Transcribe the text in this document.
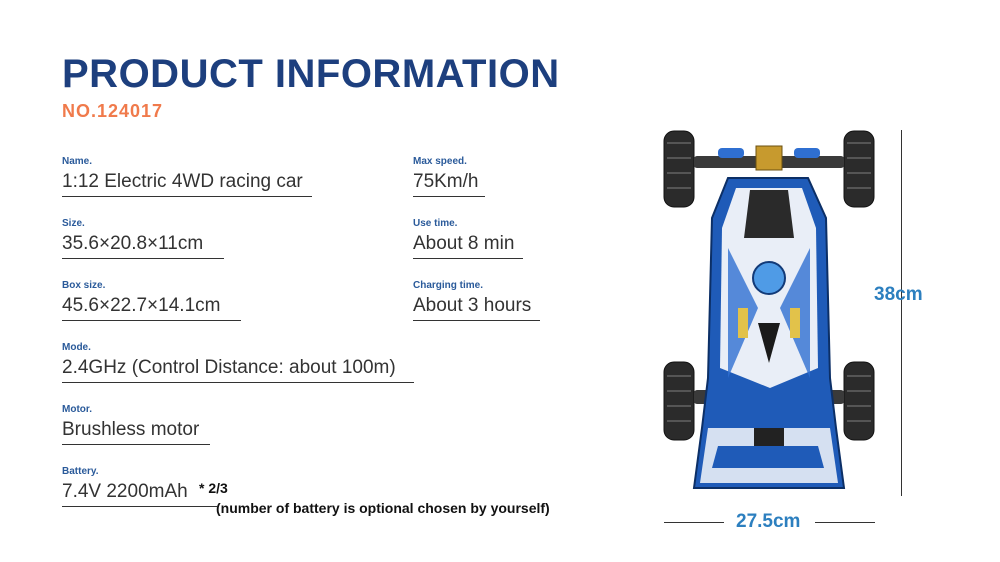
PRODUCT INFORMATION
NO.124017
Name.
1:12 Electric 4WD racing car
Size.
35.6×20.8×11cm
Box size.
45.6×22.7×14.1cm
Mode.
2.4GHz (Control Distance: about 100m)
Motor.
Brushless motor
Battery.
7.4V 2200mAh * 2/3
(number of battery is optional chosen by yourself)
Max speed.
75Km/h
Use time.
About 8 min
Charging time.
About 3 hours
38cm
27.5cm
